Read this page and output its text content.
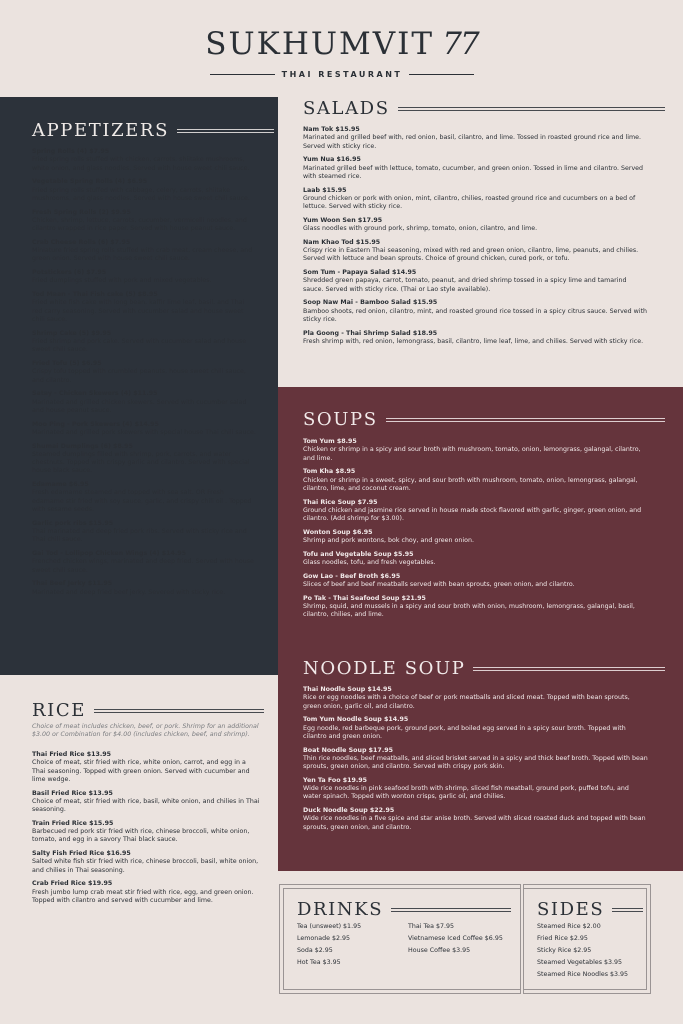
SUKHUMVIT  77
THAI RESTAURANT
APPETIZERS
Spring Rolls (4) $7.95
Fried spring rolls stuffed with chicken, carrots, shiitake mushrooms, white onion, and glass noodles. Served with house sweet chili sauce.
Vegetable Spring Rolls (4) $6.95
Fried spring rolls stuffed with cabbage, celery, carrots, shiitake mushrooms, and glass noodles. Served with house sweet chili sauce.
Fresh Spring Rolls (2) $9.95
Chicken, shrimp, lettuce, carrots, cucumber, vermicelli noodles, and cilantro wrapped in rice paper. Served with house peanut sauce.
Crab Cheese Rolls (6) $7.95
Miniature fried spring rolls stuffed with crab meat, cream cheese, and green onion. Served with house sweet chili sauce.
Potstickers (6) $7.95
Fried dumplings stuffed with pork and mixed vegetables.
Tod Maan - Thai Fish cake (5) $8.95
Fried white fish cake with long bean, kaffir lime leaf, basil, and Thai red carry seasoning. Served with cucumber salad and house sweet chili sauce.
Shrimp Cake (5) $9.95
Fried shrimp and pork cake. Served with cucumber salad and house sweet chili sauce.
Fried Tofu (5) $6.95
Crispy tofu topped with crumbled peanuts, house sweet chili sauce, and cilantro.
Satay - Chicken Skewers (4) $11.95
Marinated and grilled chicken skewers. Served with cucumber salad and house peanut sauce.
Moo Ping - Pork Skewers (4) $14.95
Marinated and grilled pork skewers with special house Thai chili sauce.
Shumai Dumplings (6) $8.95
Steamed dumplings filled with shrimp, pork, carrots, and water chestnuts. Topped with crispy garlic and cilantro. Served with special house black sauce.
Edamame $6.95
Fresh edamame steamed and topped with sea salt. OR Fresh edamame stir fried with soy sauce, garlic, and crispy chili oil . Topped with sesame seeds.
Garlic pork ribs $15.95
Thai marinated and deep fried pork ribs. Served with sticky rice and Thai chili sauce.
Gai Tod - Lollipop Chicken Wings (4) $14.95
Frenched chicken wings, marinated and deep fried. Served with house sweet chili sauce.
Thai Beef Jerky $11.95
Marinated and deep fried beef jerky. Severed with sticky rice.
SALADS
Nam Tok $15.95
Marinated and grilled beef with, red onion, basil, cilantro, and lime. Tossed in roasted ground rice and lime. Served with sticky rice.
Yum Nua $16.95
Marinated grilled beef with lettuce, tomato, cucumber, and green onion. Tossed in lime and cilantro. Served with steamed rice.
Laab $15.95
Ground chicken or pork with onion, mint, cilantro, chilies, roasted ground rice and cucumbers on a bed of lettuce. Served with sticky rice.
Yum Woon Sen $17.95
Glass noodles with ground pork, shrimp, tomato, onion, cilantro, and lime.
Nam Khao Tod $15.95
Crispy rice in Eastern Thai seasoning, mixed with red and green onion, cilantro, lime, peanuts, and chilies. Served with lettuce and bean sprouts. Choice of ground chicken, cured pork, or tofu.
Som Tum - Papaya Salad $14.95
Shredded green papaya, carrot, tomato, peanut, and dried shrimp tossed in a spicy lime and tamarind sauce. Served with sticky rice. (Thai or Lao style available).
Soop Naw Mai - Bamboo Salad $15.95
Bamboo shoots, red onion, cilantro, mint, and roasted ground rice tossed in a spicy citrus sauce. Served with sticky rice.
Pla Goong - Thai Shrimp Salad $18.95
Fresh shrimp with, red onion, lemongrass, basil, cilantro, lime leaf, lime, and chilies. Served with sticky rice.
SOUPS
Tom Yum $8.95
Chicken or shrimp in a spicy and sour broth with mushroom, tomato, onion, lemongrass, galangal, cilantro, and lime.
Tom Kha $8.95
Chicken or shrimp in a sweet, spicy, and sour broth with mushroom, tomato, onion, lemongrass, galangal, cilantro, lime, and coconut cream.
Thai Rice Soup $7.95
Ground chicken and jasmine rice served in house made stock flavored with garlic, ginger, green onion, and cilantro. (Add shrimp for $3.00).
Wonton Soup $6.95
Shrimp and pork wontons, bok choy, and green onion.
Tofu and Vegetable Soup $5.95
Glass noodles, tofu, and fresh vegetables.
Gow Lao - Beef Broth $6.95
Slices of beef and beef meatballs served with bean sprouts, green onion, and cilantro.
Po Tak - Thai Seafood Soup $21.95
Shrimp, squid, and mussels in a spicy and sour broth with onion, mushroom, lemongrass, galangal, basil, cilantro, chilies, and lime.
NOODLE SOUP
Thai Noodle Soup $14.95
Rice or egg noodles with a choice of beef or pork meatballs and sliced meat. Topped with bean sprouts, green onion, garlic oil, and cilantro.
Tom Yum Noodle Soup $14.95
Egg noodle, red barbeque pork, ground pork, and boiled egg served in a spicy sour broth. Topped with cilantro and green onion.
Boat Noodle Soup $17.95
Thin rice noodles, beef meatballs, and sliced brisket served in a spicy and thick beef broth. Topped with bean sprouts, green onion, and cilantro. Served with crispy pork skin.
Yen Ta Foo $19.95
Wide rice noodles in pink seafood broth with shrimp, sliced fish meatball, ground pork, puffed tofu, and water spinach. Topped with wonton crisps, garlic oil, and chilies.
Duck Noodle Soup $22.95
Wide rice noodles in a five spice and star anise broth. Served with sliced roasted duck and topped with bean sprouts, green onion, and cilantro.
RICE
Choice of meat includes chicken, beef, or pork. Shrimp for an additional $3.00 or Combination for $4.00 (includes chicken, beef, and shrimp).
Thai Fried Rice $13.95
Choice of meat, stir fried with rice, white onion, carrot, and egg in a Thai seasoning. Topped with green onion. Served with cucumber and lime wedge.
Basil Fried Rice $13.95
Choice of meat, stir fried with rice, basil, white onion, and chilies in Thai seasoning.
Train Fried Rice $15.95
Barbecued red pork stir fried with rice, chinese broccoli, white onion, tomato, and egg in a savory Thai black sauce.
Salty Fish Fried Rice $16.95
Salted white fish stir fried with rice, chinese broccoli, basil, white onion, and chilies in Thai seasoning.
Crab Fried Rice $19.95
Fresh jumbo lump crab meat stir fried with rice, egg, and green onion. Topped with cilantro and served with cucumber and lime.	DRINKS
Tea (unsweet) $1.95
Lemonade $2.95
Soda $2.95
Hot Tea $3.95
Thai Tea $7.95
Vietnamese Iced Coffee $6.95
House Coffee $3.95
SIDES
Steamed Rice $2.00
Fried Rice $2.95
Sticky Rice $2.95
Steamed Vegetables $3.95
Steamed Rice Noodles $3.95
